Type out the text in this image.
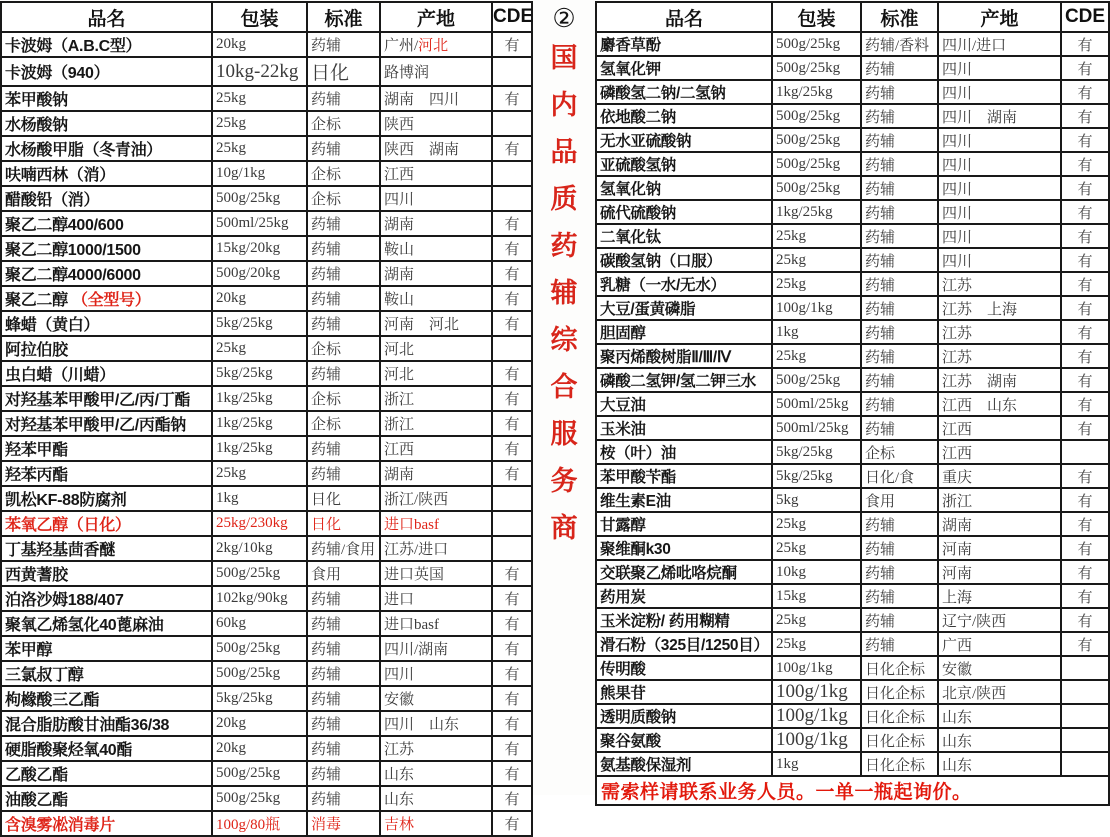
品名	包装	标准	产地	CDE
卡波姆（A.B.C型）	20kg	药辅	广州/河北	有
卡波姆（940）	10kg-22kg	日化	路博润	
苯甲酸钠	25kg	药辅	湖南　四川	有
水杨酸钠	25kg	企标	陕西	
水杨酸甲脂（冬青油）	25kg	药辅	陕西　湖南	有
呋喃西林（消）	10g/1kg	企标	江西	
醋酸铅（消）	500g/25kg	企标	四川	
聚乙二醇400/600	500ml/25kg	药辅	湖南	有
聚乙二醇1000/1500	15kg/20kg	药辅	鞍山	有
聚乙二醇4000/6000	500g/20kg	药辅	湖南	有
聚乙二醇 （全型号）	20kg	药辅	鞍山	有
蜂蜡（黄白）	5kg/25kg	药辅	河南　河北	有
阿拉伯胶	25kg	企标	河北	
虫白蜡（川蜡）	5kg/25kg	药辅	河北	有
对羟基苯甲酸甲/乙/丙/丁酯	1kg/25kg	企标	浙江	有
对羟基苯甲酸甲/乙/丙酯钠	1kg/25kg	企标	浙江	有
羟苯甲酯	1kg/25kg	药辅	江西	有
羟苯丙酯	25kg	药辅	湖南	有
凯松KF-88防腐剂	1kg	日化	浙江/陕西	
苯氧乙醇（日化）	25kg/230kg	日化	进口basf	
丁基羟基茴香醚	2kg/10kg	药辅/食用	江苏/进口	
西黄蓍胶	500g/25kg	食用	进口英国	有
泊洛沙姆188/407	102kg/90kg	药辅	进口	有
聚氧乙烯氢化40蓖麻油	60kg	药辅	进口basf	有
苯甲醇	500g/25kg	药辅	四川/湖南	有
三氯叔丁醇	500g/25kg	药辅	四川	有
枸橼酸三乙酯	5kg/25kg	药辅	安徽	有
混合脂肪酸甘油酯36/38	20kg	药辅	四川　山东	有
硬脂酸聚烃氧40酯	20kg	药辅	江苏	有
乙酸乙酯	500g/25kg	药辅	山东	有
油酸乙酯	500g/25kg	药辅	山东	有
含溴雾凇消毒片	100g/80瓶	消毒	吉林	有
②
国
内
品
质
药
辅
综
合
服
务
商
品名	包装	标准	产地	CDE
麝香草酚	500g/25kg	药辅/香料	四川/进口	有
氢氧化钾	500g/25kg	药辅	四川	有
磷酸氢二钠/二氢钠	1kg/25kg	药辅	四川	有
依地酸二钠	500g/25kg	药辅	四川　湖南	有
无水亚硫酸钠	500g/25kg	药辅	四川	有
亚硫酸氢钠	500g/25kg	药辅	四川	有
氢氧化钠	500g/25kg	药辅	四川	有
硫代硫酸钠	1kg/25kg	药辅	四川	有
二氧化钛	25kg	药辅	四川	有
碳酸氢钠（口服）	25kg	药辅	四川	有
乳糖（一水/无水）	25kg	药辅	江苏	有
大豆/蛋黄磷脂	100g/1kg	药辅	江苏　上海	有
胆固醇	1kg	药辅	江苏	有
聚丙烯酸树脂Ⅱ/Ⅲ/Ⅳ	25kg	药辅	江苏	有
磷酸二氢钾/氢二钾三水	500g/25kg	药辅	江苏　湖南	有
大豆油	500ml/25kg	药辅	江西　山东	有
玉米油	500ml/25kg	药辅	江西	有
桉（叶）油	5kg/25kg	企标	江西	
苯甲酸苄酯	5kg/25kg	日化/食	重庆	有
维生素E油	5kg	食用	浙江	有
甘露醇	25kg	药辅	湖南	有
聚维酮k30	25kg	药辅	河南	有
交联聚乙烯吡咯烷酮	10kg	药辅	河南	有
药用炭	15kg	药辅	上海	有
玉米淀粉/ 药用糊精	25kg	药辅	辽宁/陕西	有
滑石粉（325目/1250目）	25kg	药辅	广西	有
传明酸	100g/1kg	日化企标	安徽	
熊果苷	100g/1kg	日化企标	北京/陕西	
透明质酸钠	100g/1kg	日化企标	山东	
聚谷氨酸	100g/1kg	日化企标	山东	
氨基酸保湿剂	1kg	日化企标	山东	
需索样请联系业务人员。一单一瓶起询价。				
